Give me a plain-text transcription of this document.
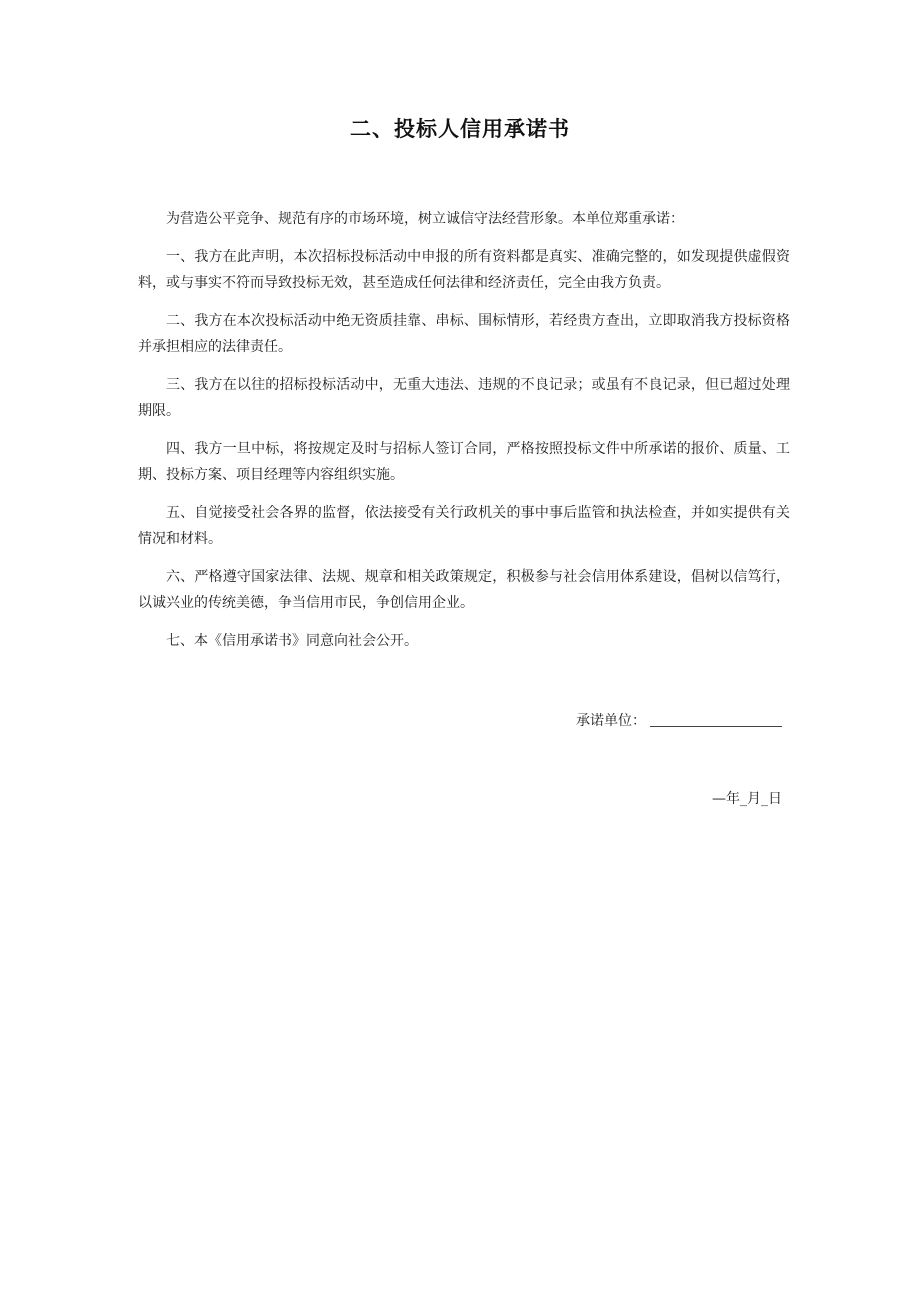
二、投标人信用承诺书

为营造公平竞争、规范有序的市场环境，树立诚信守法经营形象。本单位郑重承诺：

一、我方在此声明，本次招标投标活动中申报的所有资料都是真实、准确完整的，如发现提供虚假资料，或与事实不符而导致投标无效，甚至造成任何法律和经济责任，完全由我方负责。

二、我方在本次投标活动中绝无资质挂靠、串标、围标情形，若经贵方查出，立即取消我方投标资格并承担相应的法律责任。

三、我方在以往的招标投标活动中，无重大违法、违规的不良记录；或虽有不良记录，但已超过处理期限。

四、我方一旦中标，将按规定及时与招标人签订合同，严格按照投标文件中所承诺的报价、质量、工期、投标方案、项目经理等内容组织实施。

五、自觉接受社会各界的监督，依法接受有关行政机关的事中事后监管和执法检查，并如实提供有关情况和材料。

六、严格遵守国家法律、法规、规章和相关政策规定，积极参与社会信用体系建设，倡树以信笃行，以诚兴业的传统美德，争当信用市民，争创信用企业。

七、本《信用承诺书》同意向社会公开。

承诺单位：
—年_月_日
